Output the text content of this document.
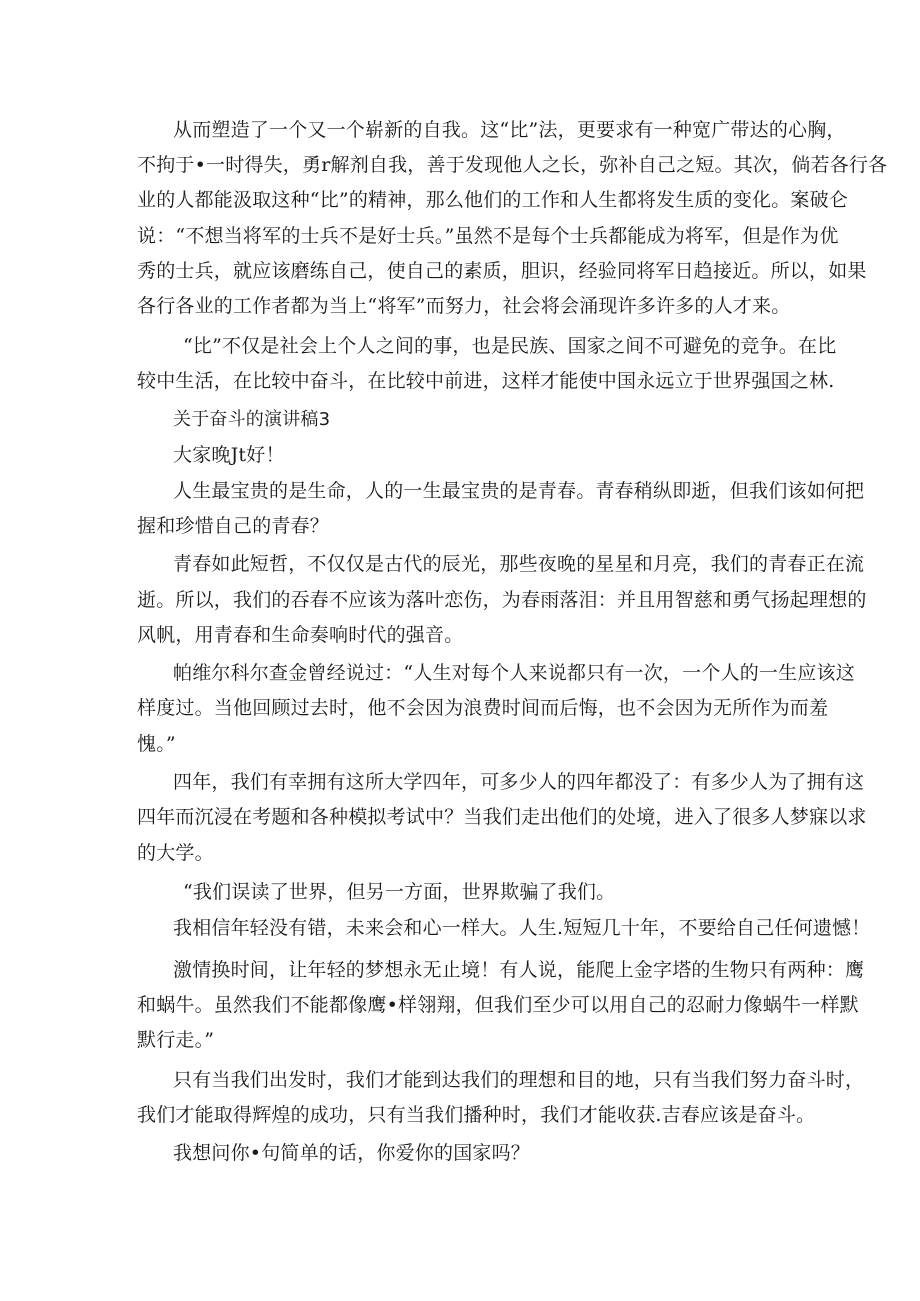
从而塑造了一个又一个崭新的自我。这“比”法，更要求有一种宽广带达的心胸，
不拘于•一时得失，勇r解剂自我，善于发现他人之长，弥补自己之短。其次，倘若各行各
业的人都能汲取这种“比”的精神，那么他们的工作和人生都将发生质的变化。案破仑
说：“不想当将军的士兵不是好士兵。”虽然不是每个士兵都能成为将军，但是作为优
秀的士兵，就应该磨练自己，使自己的素质，胆识，经验同将军日趋接近。所以，如果
各行各业的工作者都为当上“将军”而努力，社会将会涌现许多许多的人才来。
“比”不仅是社会上个人之间的事，也是民族、国家之间不可避免的竞争。在比
较中生活，在比较中奋斗，在比较中前进，这样才能使中国永远立于世界强国之林.
关于奋斗的演讲稿3
大家晚Jt好！
人生最宝贵的是生命，人的一生最宝贵的是青春。青春稍纵即逝，但我们该如何把
握和珍惜自己的青春？
青春如此短哲，不仅仅是古代的辰光，那些夜晚的星星和月亮，我们的青春正在流
逝。所以，我们的吞春不应该为落叶恋伤，为春雨落泪：并且用智慈和勇气扬起理想的
风帆，用青春和生命奏响时代的强音。
帕维尔科尔查金曾经说过：“人生对每个人来说都只有一次，一个人的一生应该这
样度过。当他回顾过去时，他不会因为浪费时间而后悔，也不会因为无所作为而羞
愧。”
四年，我们有幸拥有这所大学四年，可多少人的四年都没了：有多少人为了拥有这
四年而沉浸在考题和各种模拟考试中？当我们走出他们的处境，进入了很多人梦寐以求
的大学。
“我们误读了世界，但另一方面，世界欺骗了我们。
我相信年轻没有错，未来会和心一样大。人生.短短几十年，不要给自己任何遗憾！
激情换时间，让年轻的梦想永无止境！有人说，能爬上金字塔的生物只有两种：鹰
和蜗牛。虽然我们不能都像鹰•样翎翔，但我们至少可以用自己的忍耐力像蜗牛一样默
默行走。”
只有当我们出发时，我们才能到达我们的理想和目的地，只有当我们努力奋斗时，
我们才能取得辉煌的成功，只有当我们播种时，我们才能收获.吉春应该是奋斗。
我想问你•句简单的话，你爱你的国家吗？
